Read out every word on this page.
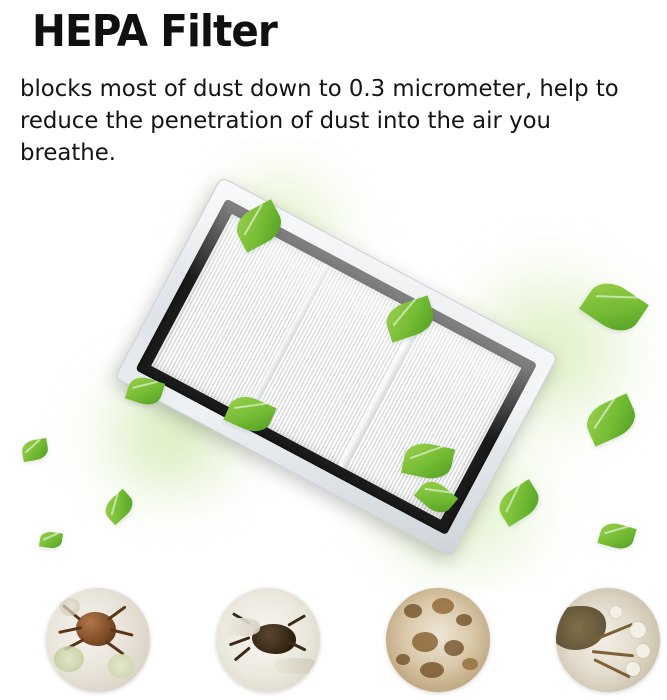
HEPA Filter
blocks most of dust down to 0.3 micrometer, help to reduce the penetration of dust into the air you breathe.
